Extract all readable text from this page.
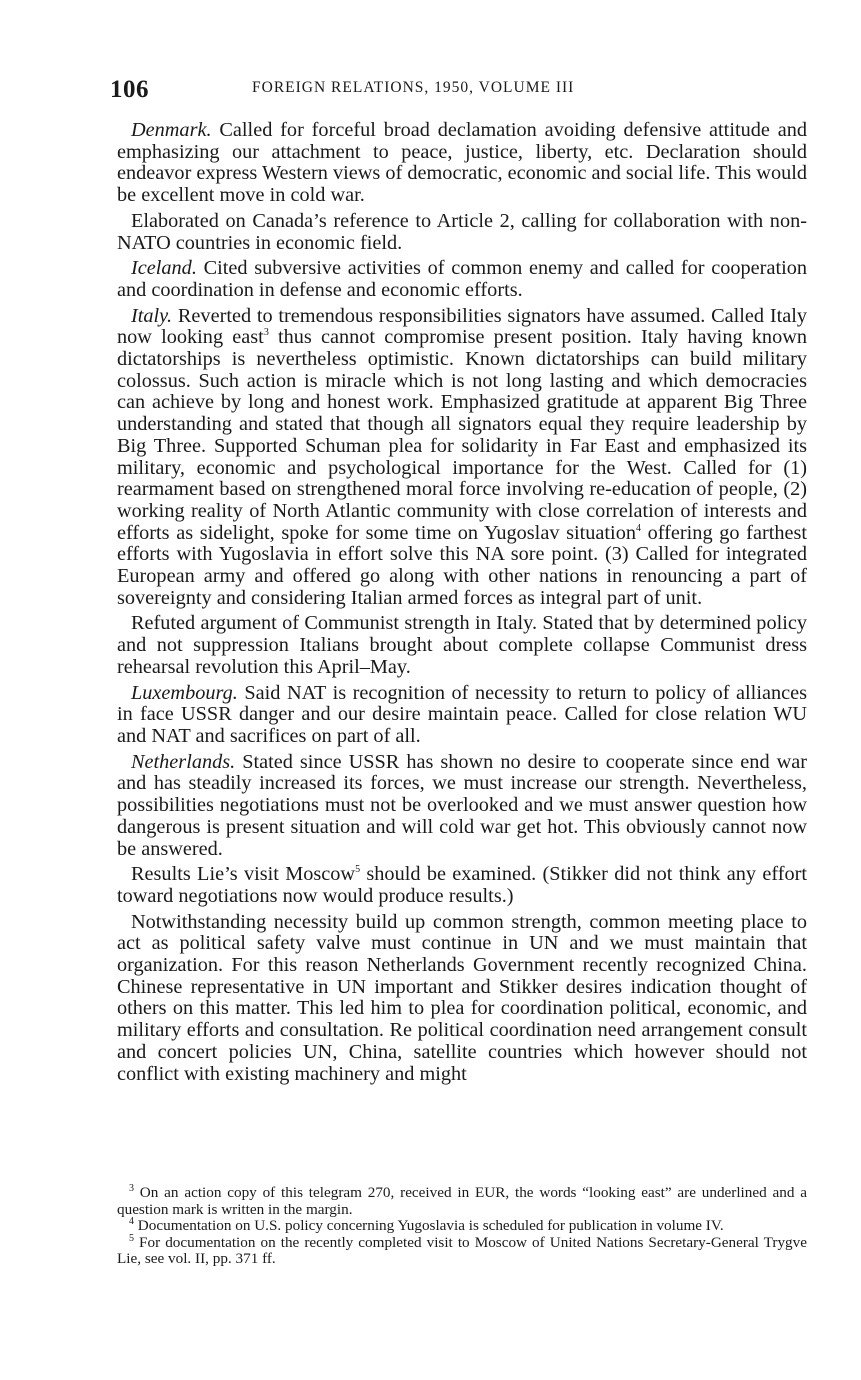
106	FOREIGN RELATIONS, 1950, VOLUME III

Denmark. Called for forceful broad declamation avoiding defensive attitude and emphasizing our attachment to peace, justice, liberty, etc. Declaration should endeavor express Western views of democratic, economic and social life. This would be excellent move in cold war.

Elaborated on Canada’s reference to Article 2, calling for collaboration with non-NATO countries in economic field.

Iceland. Cited subversive activities of common enemy and called for cooperation and coordination in defense and economic efforts.

Italy. Reverted to tremendous responsibilities signators have assumed. Called Italy now looking east$^3$ thus cannot compromise present position. Italy having known dictatorships is nevertheless optimistic. Known dictatorships can build military colossus. Such action is miracle which is not long lasting and which democracies can achieve by long and honest work. Emphasized gratitude at apparent Big Three understanding and stated that though all signators equal they require leadership by Big Three. Supported Schuman plea for solidarity in Far East and emphasized its military, economic and psychological importance for the West. Called for (1) rearmament based on strengthened moral force involving re-education of people, (2) working reality of North Atlantic community with close correlation of interests and efforts as sidelight, spoke for some time on Yugoslav situation$^4$ offering go farthest efforts with Yugoslavia in effort solve this NA sore point. (3) Called for integrated European army and offered go along with other nations in renouncing a part of sovereignty and considering Italian armed forces as integral part of unit.

Refuted argument of Communist strength in Italy. Stated that by determined policy and not suppression Italians brought about complete collapse Communist dress rehearsal revolution this April–May.

Luxembourg. Said NAT is recognition of necessity to return to policy of alliances in face USSR danger and our desire maintain peace. Called for close relation WU and NAT and sacrifices on part of all.

Netherlands. Stated since USSR has shown no desire to cooperate since end war and has steadily increased its forces, we must increase our strength. Nevertheless, possibilities negotiations must not be overlooked and we must answer question how dangerous is present situation and will cold war get hot. This obviously cannot now be answered.

Results Lie’s visit Moscow$^5$ should be examined. (Stikker did not think any effort toward negotiations now would produce results.)

Notwithstanding necessity build up common strength, common meeting place to act as political safety valve must continue in UN and we must maintain that organization. For this reason Netherlands Government recently recognized China. Chinese representative in UN important and Stikker desires indication thought of others on this matter. This led him to plea for coordination political, economic, and military efforts and consultation. Re political coordination need arrangement consult and concert policies UN, China, satellite countries which however should not conflict with existing machinery and might

$^3$ On an action copy of this telegram 270, received in EUR, the words “looking east” are underlined and a question mark is written in the margin.

$^4$ Documentation on U.S. policy concerning Yugoslavia is scheduled for publication in volume IV.

$^5$ For documentation on the recently completed visit to Moscow of United Nations Secretary-General Trygve Lie, see vol. II, pp. 371 ff.
